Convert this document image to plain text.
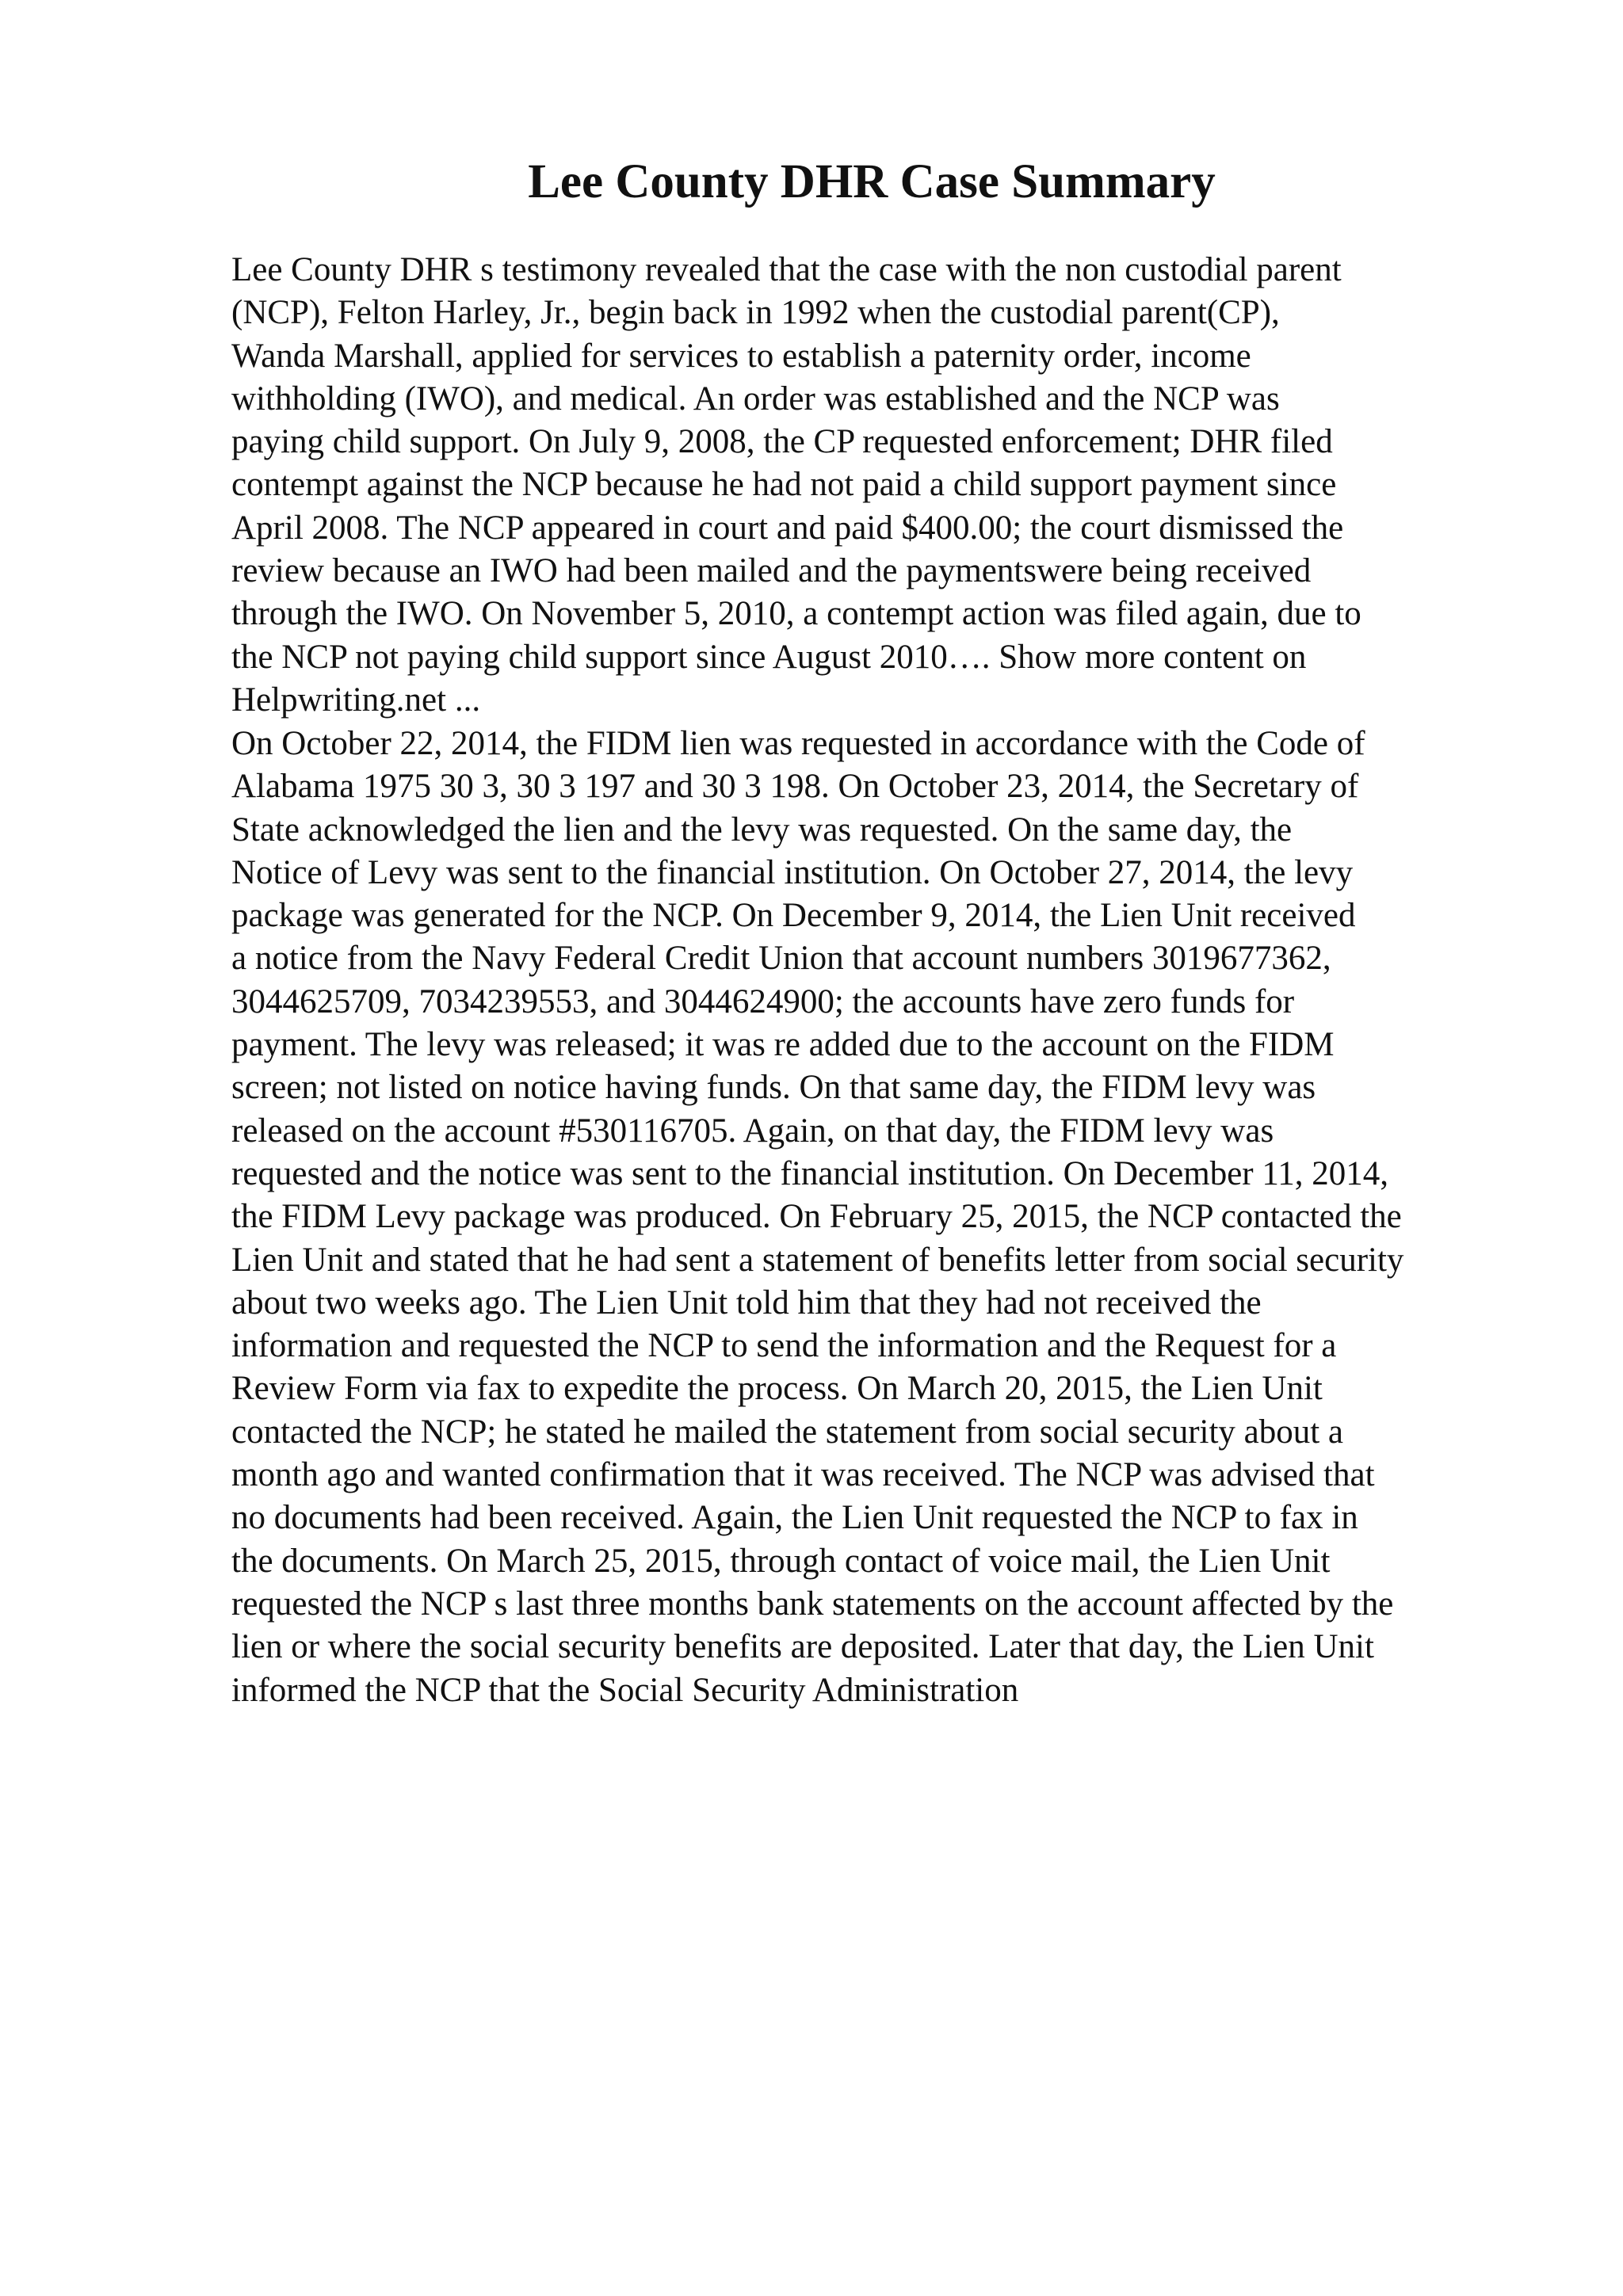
Lee County DHR Case Summary
Lee County DHR s testimony revealed that the case with the non custodial parent
(NCP), Felton Harley, Jr., begin back in 1992 when the custodial parent(CP),
Wanda Marshall, applied for services to establish a paternity order, income
withholding (IWO), and medical. An order was established and the NCP was
paying child support. On July 9, 2008, the CP requested enforcement; DHR filed
contempt against the NCP because he had not paid a child support payment since
April 2008. The NCP appeared in court and paid $400.00; the court dismissed the
review because an IWO had been mailed and the paymentswere being received
through the IWO. On November 5, 2010, a contempt action was filed again, due to
the NCP not paying child support since August 2010…. Show more content on
Helpwriting.net ...
On October 22, 2014, the FIDM lien was requested in accordance with the Code of
Alabama 1975 30 3, 30 3 197 and 30 3 198. On October 23, 2014, the Secretary of
State acknowledged the lien and the levy was requested. On the same day, the
Notice of Levy was sent to the financial institution. On October 27, 2014, the levy
package was generated for the NCP. On December 9, 2014, the Lien Unit received
a notice from the Navy Federal Credit Union that account numbers 3019677362,
3044625709, 7034239553, and 3044624900; the accounts have zero funds for
payment. The levy was released; it was re added due to the account on the FIDM
screen; not listed on notice having funds. On that same day, the FIDM levy was
released on the account #530116705. Again, on that day, the FIDM levy was
requested and the notice was sent to the financial institution. On December 11, 2014,
the FIDM Levy package was produced. On February 25, 2015, the NCP contacted the
Lien Unit and stated that he had sent a statement of benefits letter from social security
about two weeks ago. The Lien Unit told him that they had not received the
information and requested the NCP to send the information and the Request for a
Review Form via fax to expedite the process. On March 20, 2015, the Lien Unit
contacted the NCP; he stated he mailed the statement from social security about a
month ago and wanted confirmation that it was received. The NCP was advised that
no documents had been received. Again, the Lien Unit requested the NCP to fax in
the documents. On March 25, 2015, through contact of voice mail, the Lien Unit
requested the NCP s last three months bank statements on the account affected by the
lien or where the social security benefits are deposited. Later that day, the Lien Unit
informed the NCP that the Social Security Administration
